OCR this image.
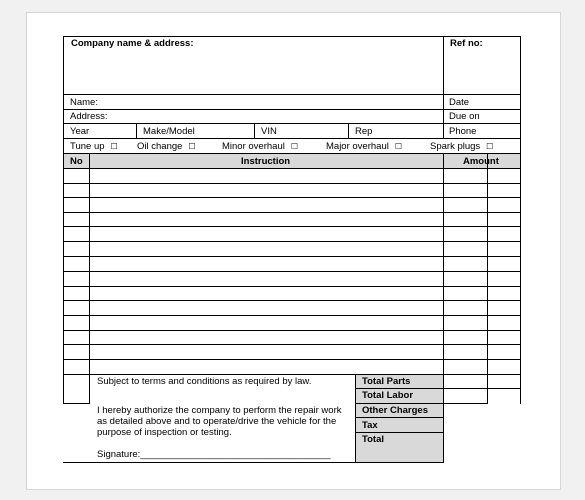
Company name & address:	Ref no:
Name:	Date
Address:	Due on
Year	Make/Model	VIN	Rep	Phone
Tune up ☐ Oil change ☐	Minor overhaul ☐	Major overhaul ☐	Spark plugs ☐
No	Instruction	Amount
Subject to terms and conditions as required by law.
I hereby authorize the company to perform the repair work
as detailed above and to operate/drive the vehicle for the
purpose of inspection or testing.
Signature:____________________________________
Total Parts
Total Labor
Other Charges
Tax
Total
